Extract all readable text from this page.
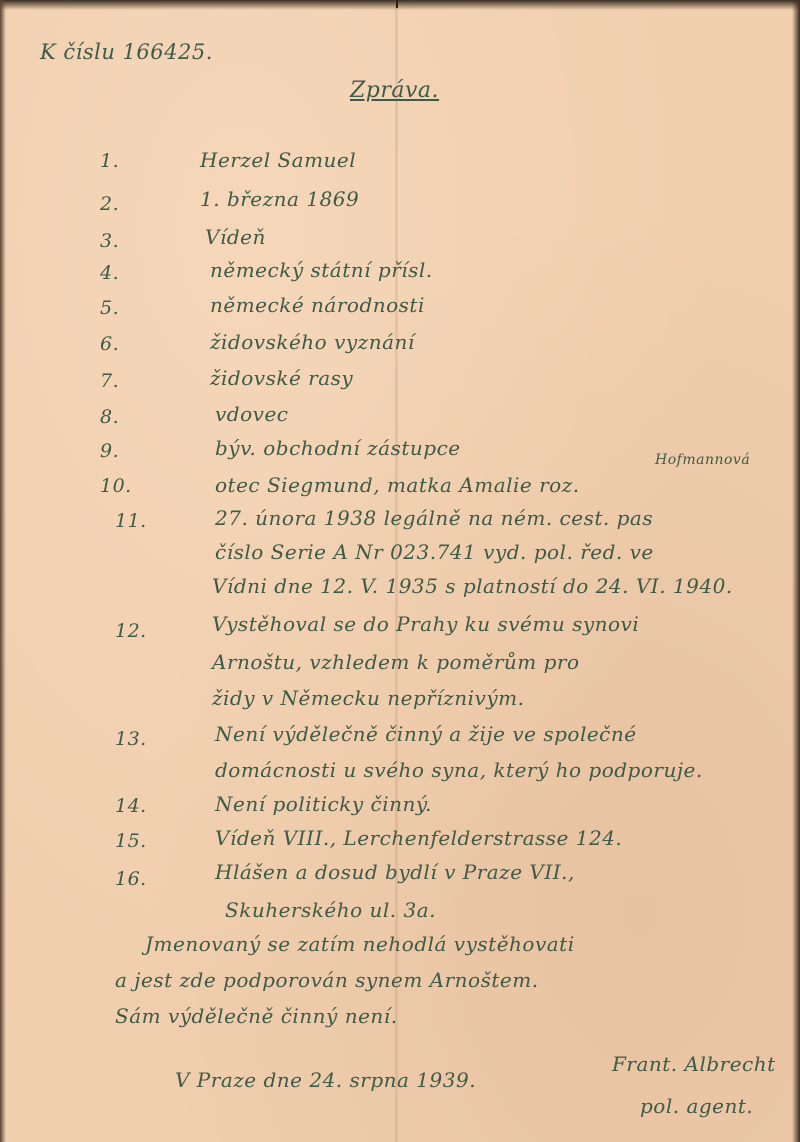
K číslu 166425.
Zpráva.
1.	Herzel Samuel
2.	1. března 1869
3.	Vídeň
4.	německý státní přísl.
5.	německé národnosti
6.	židovského vyznání
7.	židovské rasy
8.	vdovec
9.	býv. obchodní zástupce	Hofmannová
10.	otec Siegmund, matka Amalie roz.
11.	27. února 1938 legálně na ném. cest. pas
číslo Serie A Nr 023.741 vyd. pol. řed. ve
Vídni dne 12. V. 1935 s platností do 24. VI. 1940.
12.	Vystěhoval se do Prahy ku svému synovi
Arnoštu, vzhledem k poměrům pro
židy v Německu nepříznivým.
13.	Není výdělečně činný a žije ve společné
domácnosti u svého syna, který ho podporuje.
14.	Není politicky činný.
15.	Vídeň VIII., Lerchenfelderstrasse 124.
16.	Hlášen a dosud bydlí v Praze VII.,
Skuherského ul. 3a.
Jmenovaný se zatím nehodlá vystěhovati
a jest zde podporován synem Arnoštem.
Sám výdělečně činný není.
V Praze dne 24. srpna 1939.
Frant. Albrecht
pol. agent.
